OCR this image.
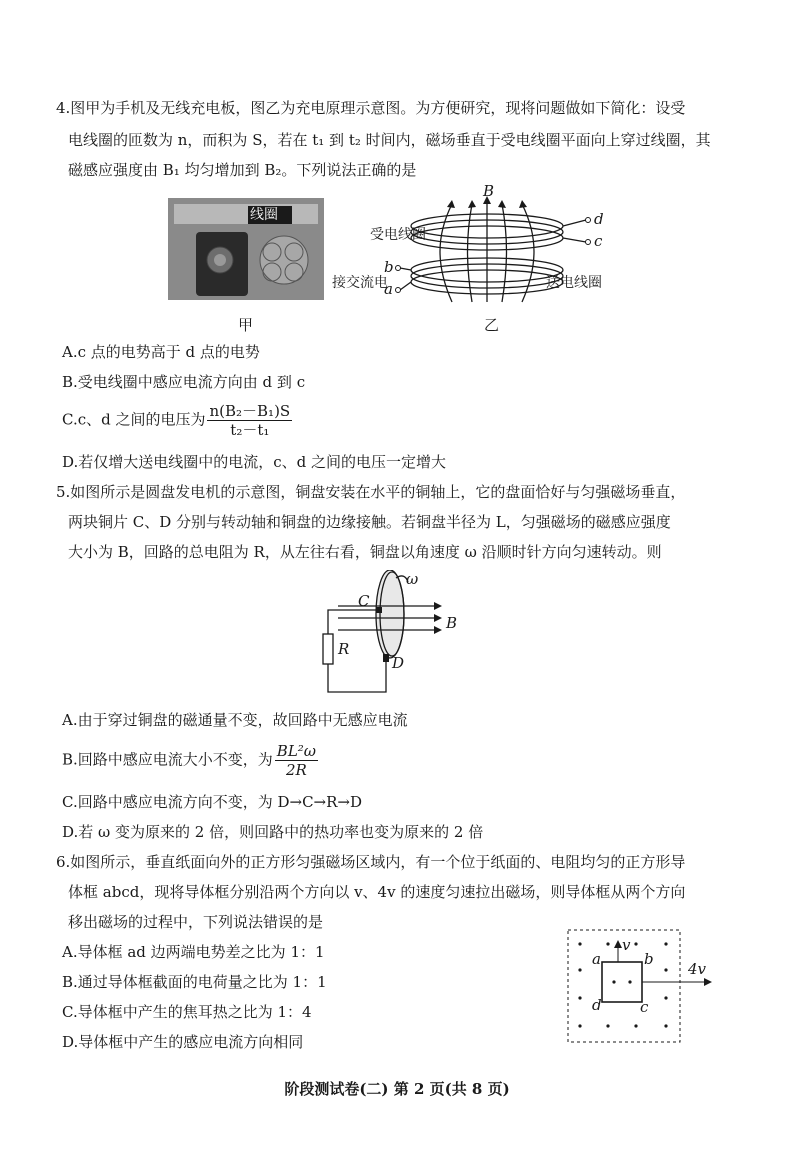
4.图甲为手机及无线充电板，图乙为充电原理示意图。为方便研究，现将问题做如下简化：设受
电线圈的匝数为 n，而积为 S，若在 t₁ 到 t₂ 时间内，磁场垂直于受电线圈平面向上穿过线圈，其
磁感应强度由 B₁ 均匀增加到 B₂。下列说法正确的是
线圈
甲
B
d
c
b
a
受电线圈
接交流电	送电线圈
乙
A.c 点的电势高于 d 点的电势
B.受电线圈中感应电流方向由 d 到 c
C.c、d 之间的电压为 $\frac{\text{n(B₂－B₁)S}}{\text{t₂－t₁}}$
D.若仅增大送电线圈中的电流，c、d 之间的电压一定增大
5.如图所示是圆盘发电机的示意图，铜盘安装在水平的铜轴上，它的盘面恰好与匀强磁场垂直，
两块铜片 C、D 分别与转动轴和铜盘的边缘接触。若铜盘半径为 L，匀强磁场的磁感应强度
大小为 B，回路的总电阻为 R，从左往右看，铜盘以角速度 ω 沿顺时针方向匀速转动。则
ω
C
B
R
D
A.由于穿过铜盘的磁通量不变，故回路中无感应电流
B.回路中感应电流大小不变，为 $\frac{\text{BL²ω}}{2R}$
C.回路中感应电流方向不变，为 D→C→R→D
D.若 ω 变为原来的 2 倍，则回路中的热功率也变为原来的 2 倍
6.如图所示，垂直纸面向外的正方形匀强磁场区域内，有一个位于纸面的、电阻均匀的正方形导
体框 abcd，现将导体框分别沿两个方向以 v、4v 的速度匀速拉出磁场，则导体框从两个方向
移出磁场的过程中，下列说法错误的是
A.导体框 ad 边两端电势差之比为 1：1
B.通过导体框截面的电荷量之比为 1：1
C.导体框中产生的焦耳热之比为 1：4
D.导体框中产生的感应电流方向相同
v
4v
a	b
c
d
阶段测试卷(二) 第 2 页(共 8 页)
